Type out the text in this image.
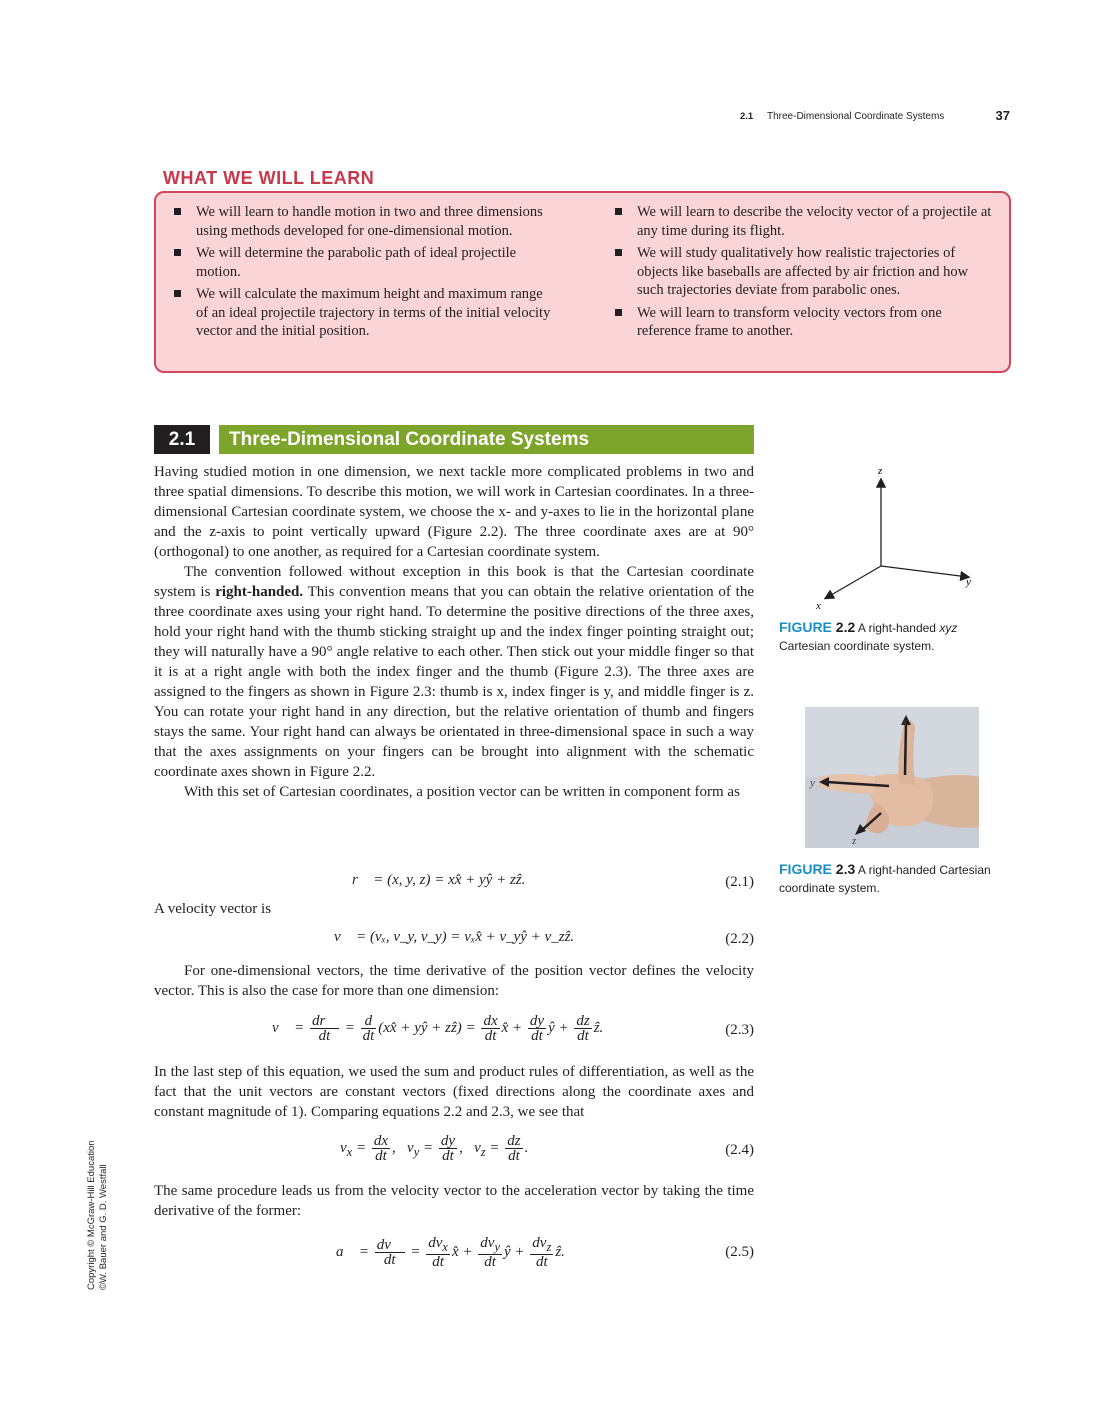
2.1 Three-Dimensional Coordinate Systems	37
WHAT WE WILL LEARN
We will learn to handle motion in two and three dimensions using methods developed for one-dimensional motion.
We will determine the parabolic path of ideal projectile motion.
We will calculate the maximum height and maximum range of an ideal projectile trajectory in terms of the initial velocity vector and the initial position.
We will learn to describe the velocity vector of a projectile at any time during its flight.
We will study qualitatively how realistic trajectories of objects like baseballs are affected by air friction and how such trajectories deviate from parabolic ones.
We will learn to transform velocity vectors from one reference frame to another.
2.1	Three-Dimensional Coordinate Systems

Having studied motion in one dimension, we next tackle more complicated problems in two and three spatial dimensions. To describe this motion, we will work in Cartesian coordinates. In a three-dimensional Cartesian coordinate system, we choose the x- and y-axes to lie in the horizontal plane and the z-axis to point vertically upward (Figure 2.2). The three coordinate axes are at 90° (orthogonal) to one another, as required for a Cartesian coordinate system.

The convention followed without exception in this book is that the Cartesian coordinate system is right-handed. This convention means that you can obtain the relative orientation of the three coordinate axes using your right hand. To determine the positive directions of the three axes, hold your right hand with the thumb sticking straight up and the index finger pointing straight out; they will naturally have a 90° angle relative to each other. Then stick out your middle finger so that it is at a right angle with both the index finger and the thumb (Figure 2.3). The three axes are assigned to the fingers as shown in Figure 2.3: thumb is x, index finger is y, and middle finger is z. You can rotate your right hand in any direction, but the relative orientation of thumb and fingers stays the same. Your right hand can always be orientated in three-dimensional space in such a way that the axes assignments on your fingers can be brought into alignment with the schematic coordinate axes shown in Figure 2.2.

With this set of Cartesian coordinates, a position vector can be written in component form as

r⃗ = (x, y, z) = xx̂ + yŷ + zẑ.	(2.1)

A velocity vector is

v⃗ = (vₓ, v_y, v_y) = vₓx̂ + v_yŷ + v_zẑ.	(2.2)

For one-dimensional vectors, the time derivative of the position vector defines the velocity vector. This is also the case for more than one dimension:

v⃗ = $\frac{dr⃗}{dt} = \frac{d}{dt}$ (xx̂ + yŷ + zẑ) = $\frac{dx}{dt}$ x̂ + $\frac{dy}{dt}$ ŷ + $\frac{dz}{dt}$ ẑ.	(2.3)

In the last step of this equation, we used the sum and product rules of differentiation, as well as the fact that the unit vectors are constant vectors (fixed directions along the coordinate axes and constant magnitude of 1). Comparing equations 2.2 and 2.3, we see that

$v_x = \frac{dx}{dt}$ ,   $v_y = \frac{dy}{dt}$ ,   $v_z = \frac{dz}{dt}$ .	(2.4)

The same procedure leads us from the velocity vector to the acceleration vector by taking the time derivative of the former:

a⃗ = $\frac{dv⃗}{dt} = \frac{dv_x}{dt}$ x̂ + $\frac{dv_y}{dt}$ ŷ + $\frac{dv_z}{dt}$ ẑ.	(2.5)
z
y
x
FIGURE 2.2 A right-handed xyz Cartesian coordinate system.
x
y
z
FIGURE 2.3 A right-handed Cartesian coordinate system.
Copyright © McGraw-Hill Education ©W. Bauer and G. D. Westfall
